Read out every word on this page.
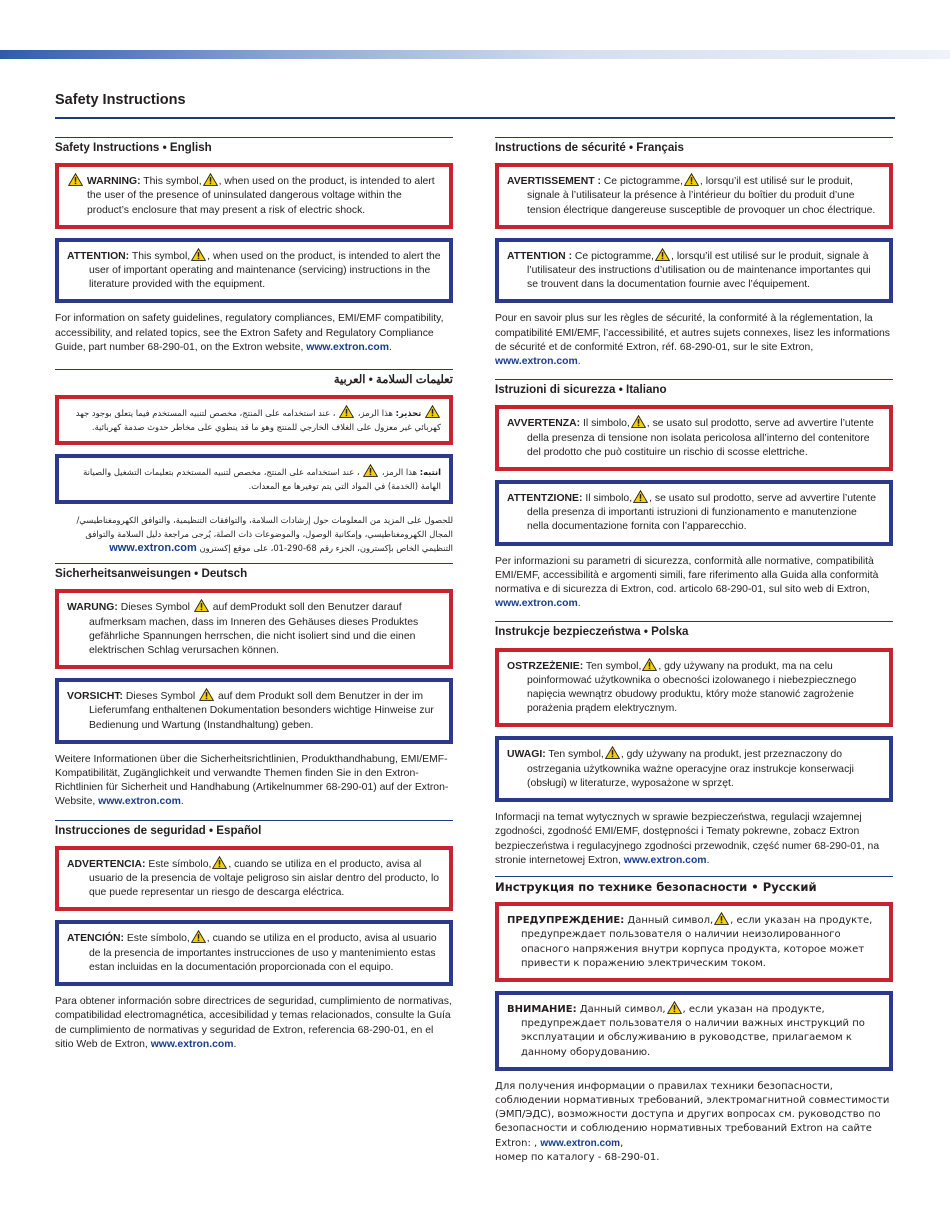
Safety Instructions
Safety Instructions • English

WARNING: This symbol, , when used on the product, is intended to alert the user of the presence of uninsulated dangerous voltage within the product’s enclosure that may present a risk of electric shock.

ATTENTION: This symbol, , when used on the product, is intended to alert the user of important operating and maintenance (servicing) instructions in the literature provided with the equipment.

For information on safety guidelines, regulatory compliances, EMI/EMF compatibility, accessibility, and related topics, see the Extron Safety and Regulatory Compliance Guide, part number 68-290-01, on the Extron website, www.extron.com.

تعليمات السلامة • العربية

تحذير: هذا الرمز،  ، عند استخدامه على المنتج، مخصص لتنبيه المستخدم فيما يتعلق بوجود جهد كهربائي غير معزول على الغلاف الخارجي للمنتج وهو ما قد ينطوي على مخاطر حدوث صدمة كهربائية.

انتبه: هذا الرمز،  ، عند استخدامه على المنتج، مخصص لتنبيه المستخدم بتعليمات التشغيل والصيانة الهامة (الخدمة) في المواد التي يتم توفيرها مع المعدات.

للحصول على المزيد من المعلومات حول إرشادات السلامة، والتوافقات التنظيمية، والتوافق الكهرومغناطيسي/المجال الكهرومغناطيسي، وإمكانية الوصول، والموضوعات ذات الصلة، يُرجى مراجعة دليل السلامة والتوافق التنظيمي الخاص بإكسترون، الجزء رقم 68-290-01، على موقع إكسترون www.extron.com

Sicherheitsanweisungen • Deutsch

WARUNG: Dieses Symbol auf demProdukt soll den Benutzer darauf aufmerksam machen, dass im Inneren des Gehäuses dieses Produktes gefährliche Spannungen herrschen, die nicht isoliert sind und die einen elektrischen Schlag verursachen können.

VORSICHT: Dieses Symbol auf dem Produkt soll dem Benutzer in der im Lieferumfang enthaltenen Dokumentation besonders wichtige Hinweise zur Bedienung und Wartung (Instandhaltung) geben.

Weitere Informationen über die Sicherheitsrichtlinien, Produkthandhabung, EMI/EMF-Kompatibilität, Zugänglichkeit und verwandte Themen finden Sie in den Extron-Richtlinien für Sicherheit und Handhabung (Artikelnummer 68-290-01) auf der Extron-Website, www.extron.com.

Instrucciones de seguridad • Español

ADVERTENCIA: Este símbolo, , cuando se utiliza en el producto, avisa al usuario de la presencia de voltaje peligroso sin aislar dentro del producto, lo que puede representar un riesgo de descarga eléctrica.

ATENCIÓN: Este símbolo, , cuando se utiliza en el producto, avisa al usuario de la presencia de importantes instrucciones de uso y mantenimiento estas estan incluidas en la documentación proporcionada con el equipo.

Para obtener información sobre directrices de seguridad, cumplimiento de normativas, compatibilidad electromagnética, accesibilidad y temas relacionados, consulte la Guía de cumplimiento de normativas y seguridad de Extron, referencia 68-290-01, en el sitio Web de Extron, www.extron.com.

Instructions de sécurité • Français

AVERTISSEMENT : Ce pictogramme, , lorsqu’il est utilisé sur le produit, signale à l’utilisateur la présence à l’intérieur du boîtier du produit d’une tension électrique dangereuse susceptible de provoquer un choc électrique.

ATTENTION : Ce pictogramme, , lorsqu’il est utilisé sur le produit, signale à l’utilisateur des instructions d’utilisation ou de maintenance importantes qui se trouvent dans la documentation fournie avec l’équipement.

Pour en savoir plus sur les règles de sécurité, la conformité à la réglementation, la compatibilité EMI/EMF, l’accessibilité, et autres sujets connexes, lisez les informations de sécurité et de conformité Extron, réf. 68-290-01, sur le site Extron, www.extron.com.

Istruzioni di sicurezza • Italiano

AVVERTENZA: Il simbolo, , se usato sul prodotto, serve ad avvertire l’utente della presenza di tensione non isolata pericolosa all’interno del contenitore del prodotto che può costituire un rischio di scosse elettriche.

ATTENTZIONE: Il simbolo, , se usato sul prodotto, serve ad avvertire l’utente della presenza di importanti istruzioni di funzionamento e manutenzione nella documentazione fornita con l’apparecchio.

Per informazioni su parametri di sicurezza, conformità alle normative, compatibilità EMI/EMF, accessibilità e argomenti simili, fare riferimento alla Guida alla conformità normativa e di sicurezza di Extron, cod. articolo 68-290-01, sul sito web di Extron, www.extron.com.

Instrukcje bezpieczeństwa • Polska

OSTRZEŻENIE: Ten symbol, , gdy używany na produkt, ma na celu poinformować użytkownika o obecności izolowanego i niebezpiecznego napięcia wewnątrz obudowy produktu, który może stanowić zagrożenie porażenia prądem elektrycznym.

UWAGI: Ten symbol, , gdy używany na produkt, jest przeznaczony do ostrzegania użytkownika ważne operacyjne oraz instrukcje konserwacji (obsługi) w literaturze, wyposażone w sprzęt.

Informacji na temat wytycznych w sprawie bezpieczeństwa, regulacji wzajemnej zgodności, zgodność EMI/EMF, dostępności i Tematy pokrewne, zobacz Extron bezpieczeństwa i regulacyjnego zgodności przewodnik, część numer 68-290-01, na stronie internetowej Extron, www.extron.com.

Инструкция по технике безопасности • Русский

ПРЕДУПРЕЖДЕНИЕ: Данный символ, , если указан на продукте, предупреждает пользователя о наличии неизолированного опасного напряжения внутри корпуса продукта, которое может привести к поражению электрическим током.

ВНИМАНИЕ: Данный символ, , если указан на продукте, предупреждает пользователя о наличии важных инструкций по эксплуатации и обслуживанию в руководстве, прилагаемом к данному оборудованию.

Для получения информации о правилах техники безопасности, соблюдении нормативных требований, электромагнитной совместимости (ЭМП/ЭДС), возможности доступа и других вопросах см. руководство по безопасности и соблюдению нормативных требований Extron на сайте Extron: , www.extron.com,
номер по каталогу - 68-290-01.
